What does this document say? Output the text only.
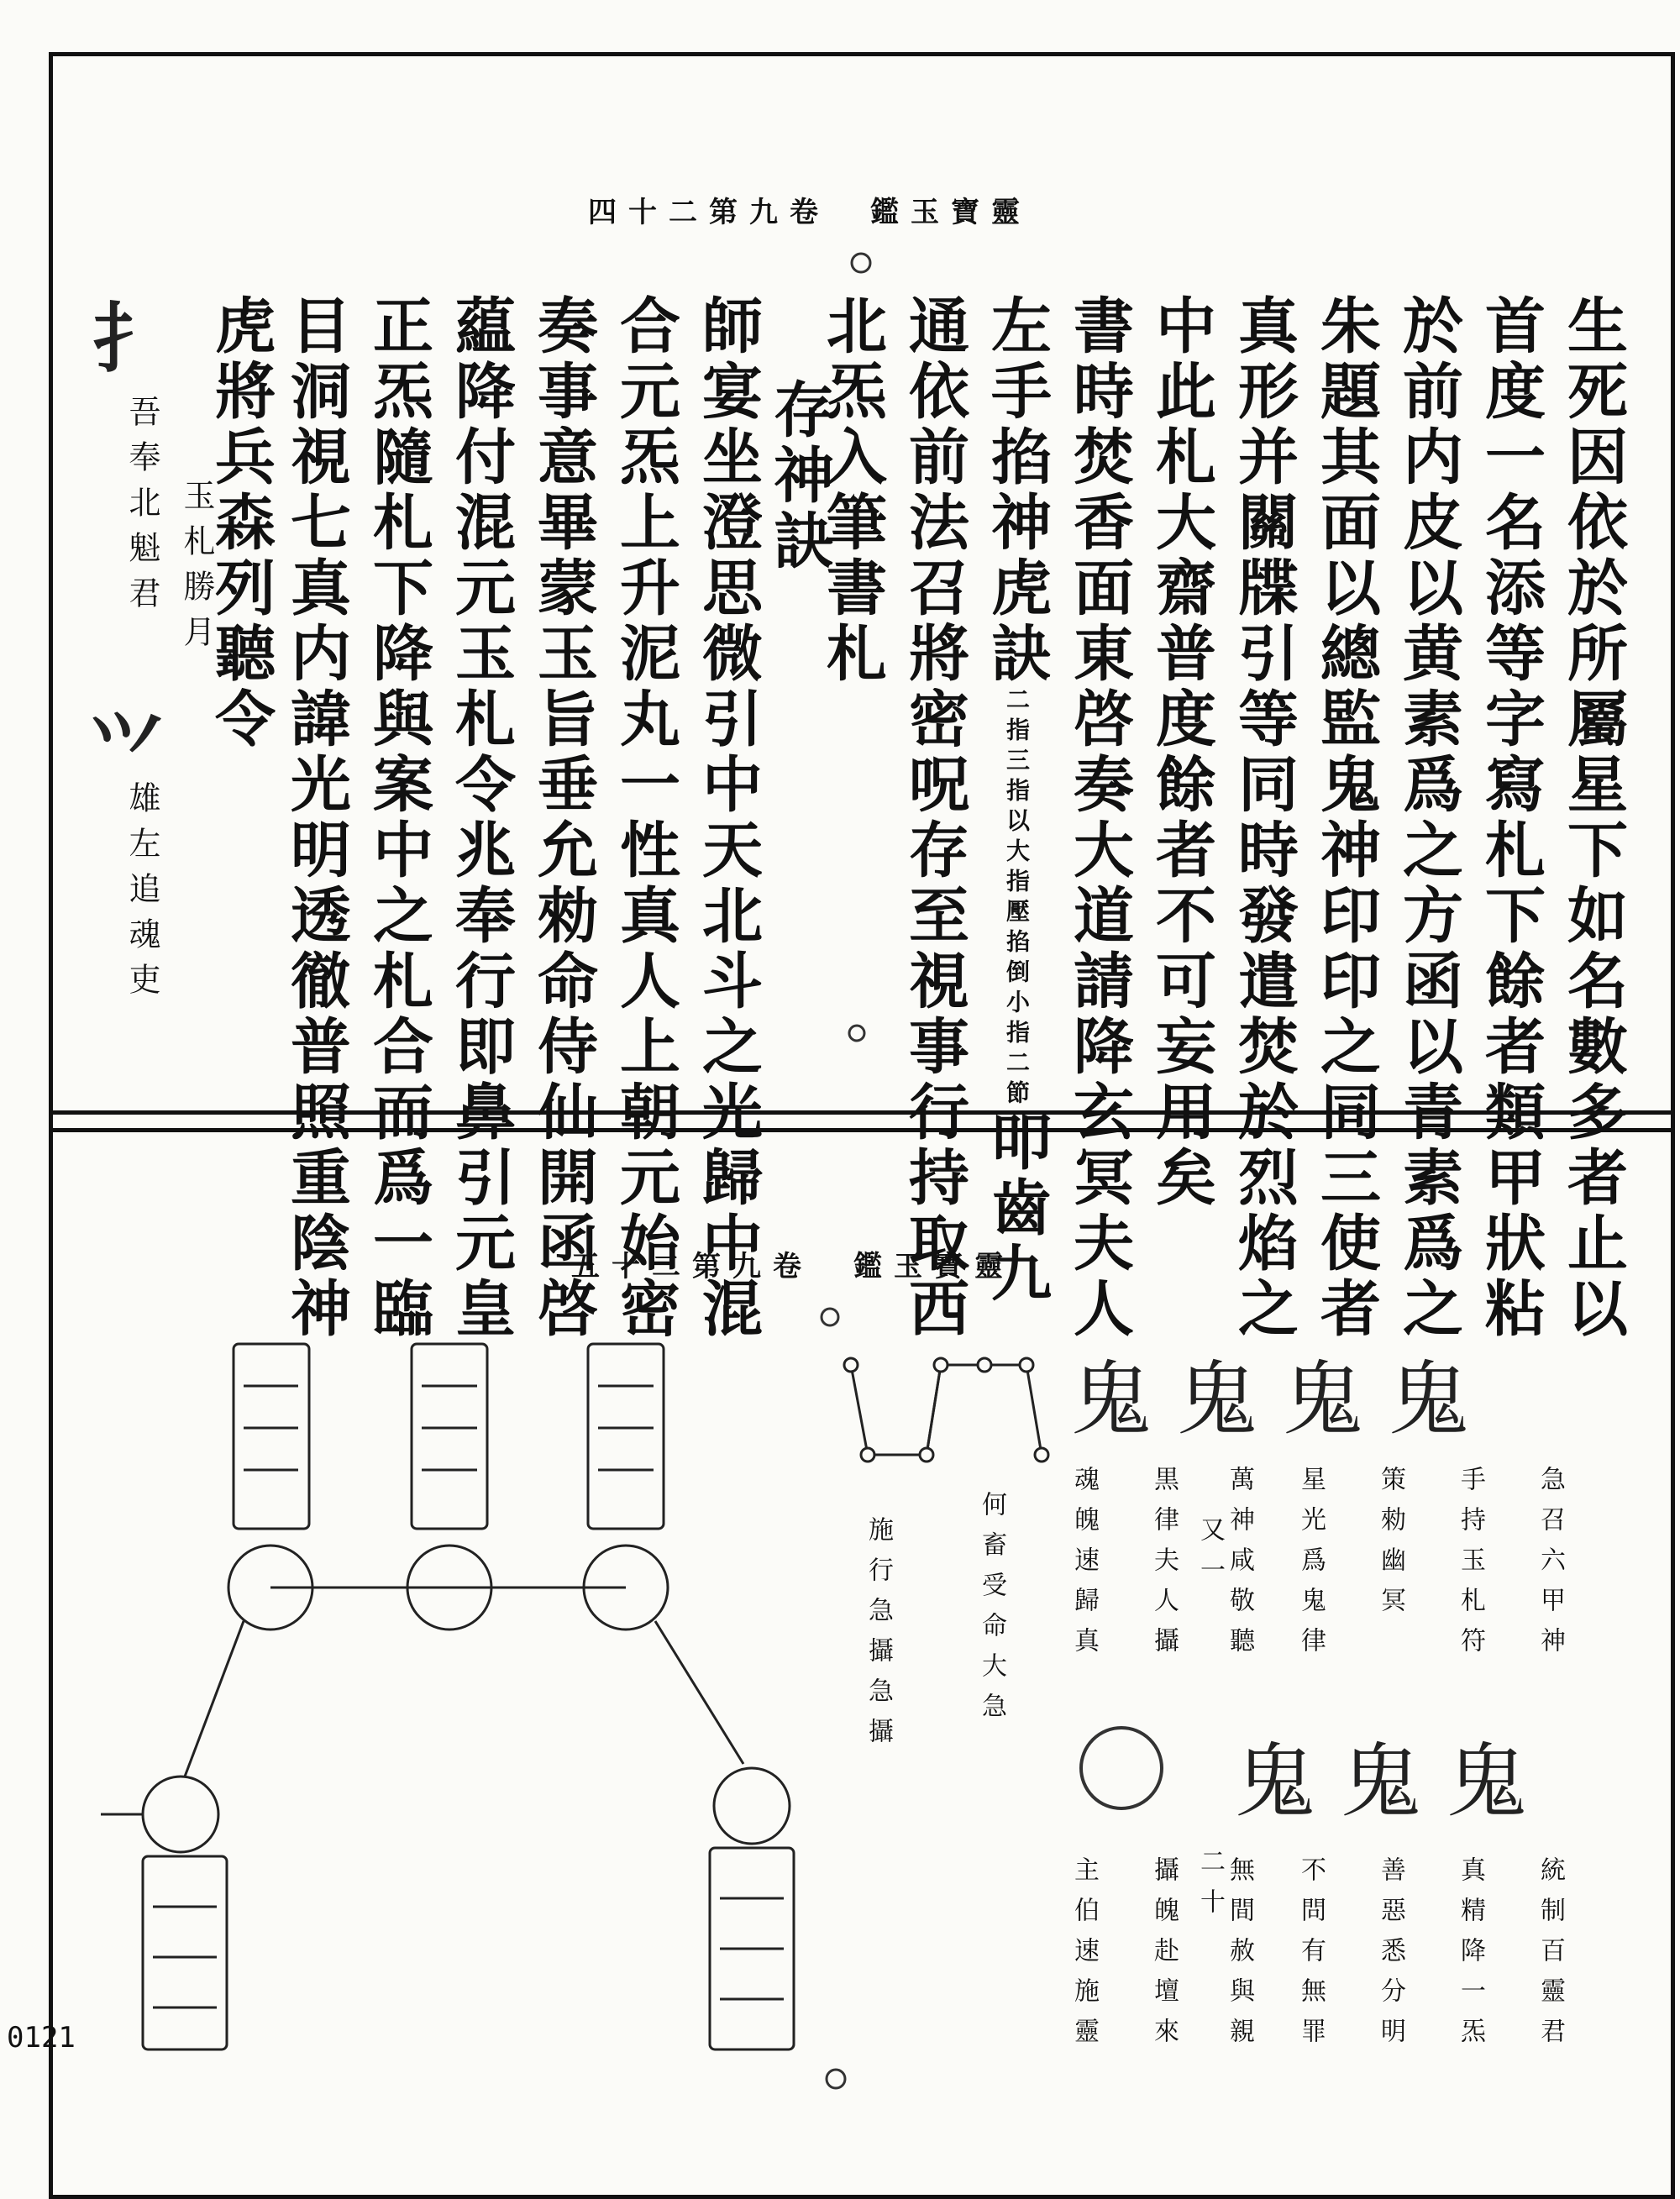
四十二第九卷　鑑玉寶靈
生死因依於所屬星下如名數多者止以
首度一名添等字寫札下餘者類甲狀粘
於前内皮以黄素爲之方函以青素爲之
朱題其面以總監鬼神印印之同三使者
真形并關牒引等同時發遣焚於烈焰之
中此札大齋普度餘者不可妄用矣
書時焚香面東啓奏大道請降玄冥夫人
左手掐神虎訣二指三指以大指壓掐倒小指二節叩齒九
通依前法召將密呪存至視事行持取西
北炁入筆書札
存神訣
師宴坐澄思微引中天北斗之光歸中混
合元炁上升泥丸一性真人上朝元始密
奏事意畢蒙玉旨垂允勑命侍仙開函啓
藴降付混元玉札令兆奉行即鼻引元皇
正炁隨札下降與案中之札合而爲一臨
目洞視七真内諱光明透徹普照重陰神
虎將兵森列聽令
玉札勝月
吾奉北魁君
雄左追魂吏
⺘
⺍
五十二第九卷　鑑玉寶靈
急召六甲神
手持玉札符
策勑幽冥
星光爲鬼律
萬神咸敬聽
又一
黒律夫人攝
魂魄速歸真
統制百靈君
真精降一炁
善惡悉分明
不問有無罪
無間赦與親
二十
攝魄赴壇來
主伯速施靈
何畜受命大急
施行急攝急攝
⻤⻤⻤⻤
⻤⻤⻤
0121
